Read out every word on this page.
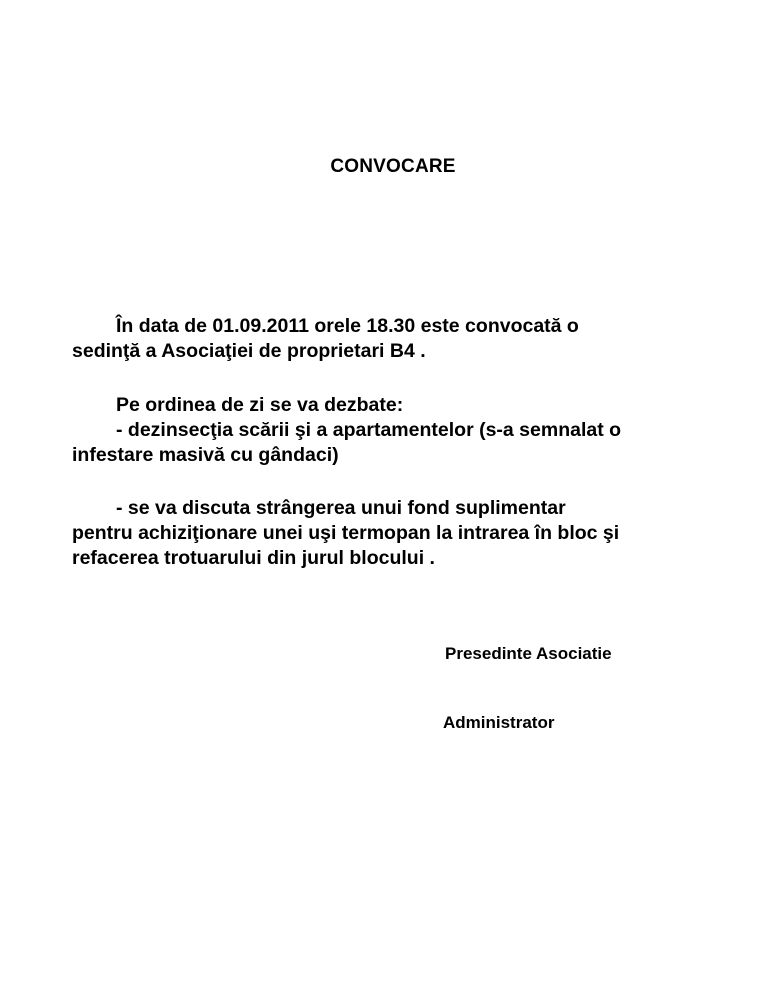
CONVOCARE
În data de 01.09.2011 orele 18.30 este convocată o
sedinţă a Asociaţiei de proprietari B4 .
Pe ordinea de zi se va dezbate:
- dezinsecţia scării şi a apartamentelor (s-a semnalat o
infestare masivă cu gândaci)
- se va discuta strângerea unui fond suplimentar
pentru achiziţionare unei uşi termopan la intrarea în bloc şi
refacerea trotuarului din jurul blocului .
Presedinte Asociatie
Administrator
